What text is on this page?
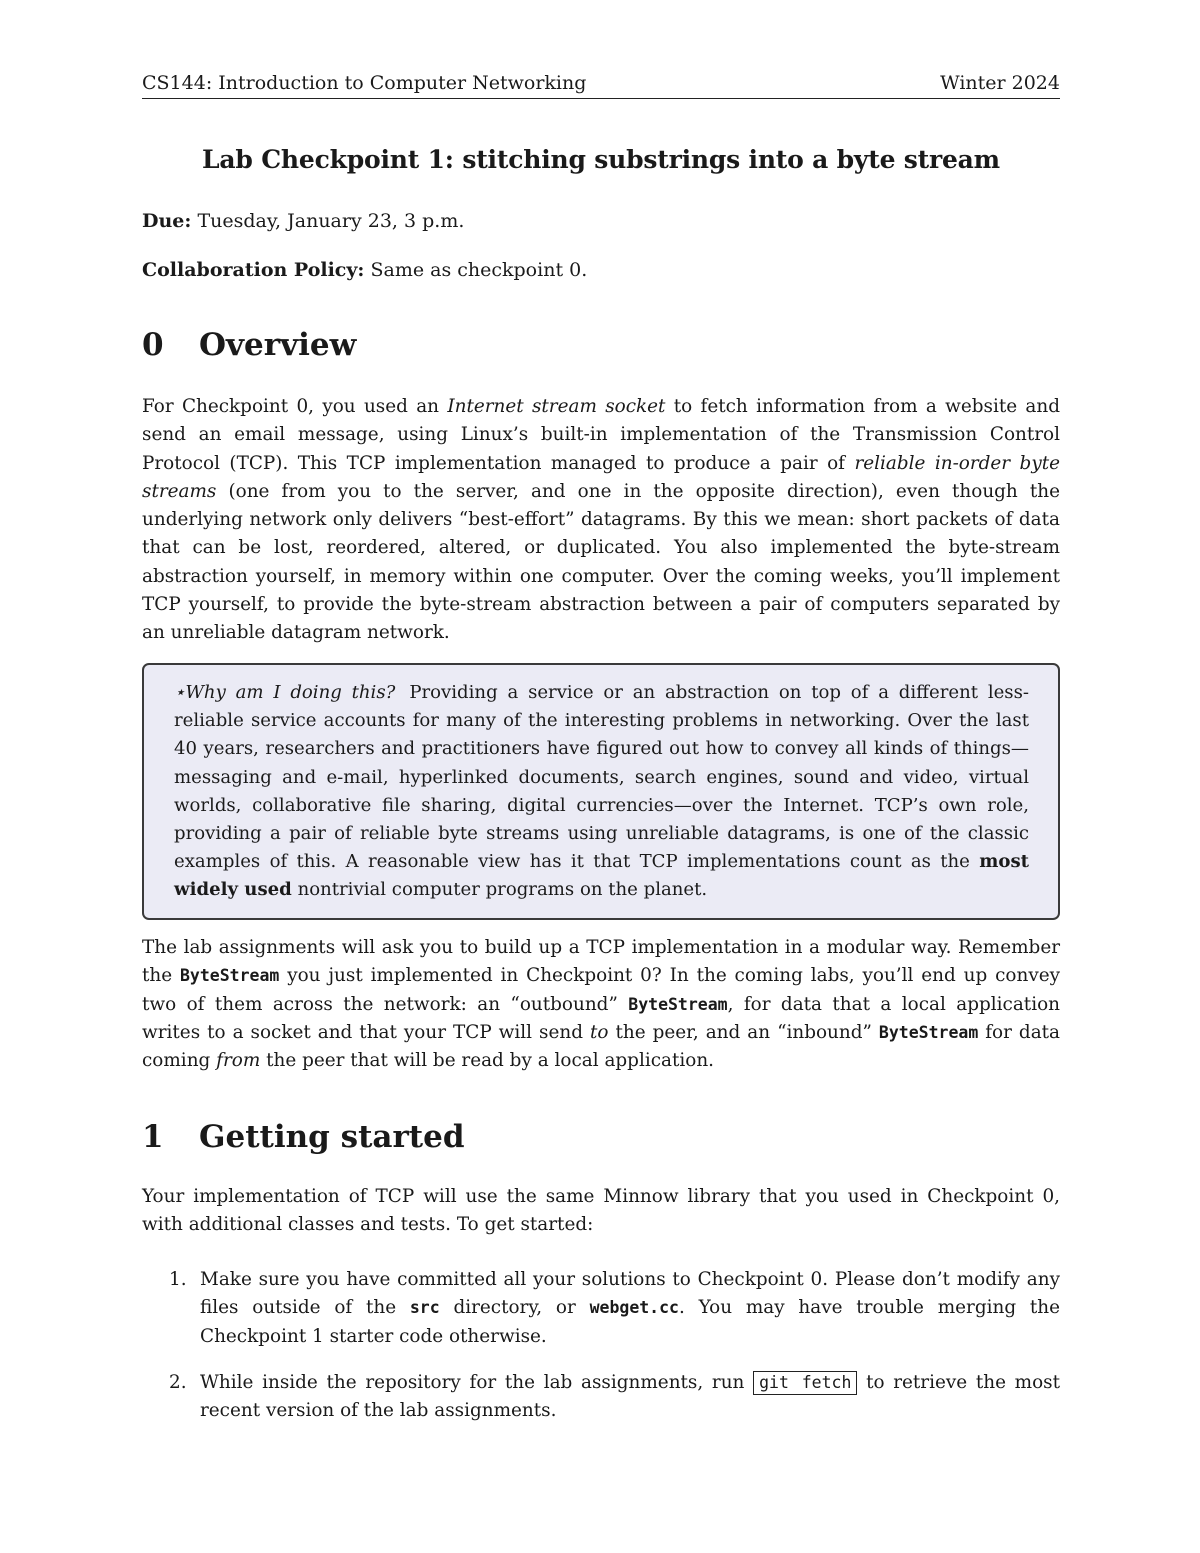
CS144: Introduction to Computer Networking	Winter 2024
Lab Checkpoint 1: stitching substrings into a byte stream
Due: Tuesday, January 23, 3 p.m.
Collaboration Policy: Same as checkpoint 0.
0 Overview

For Checkpoint 0, you used an Internet stream socket to fetch information from a website and send an email message, using Linux’s built-in implementation of the Transmission Control Protocol (TCP). This TCP implementation managed to produce a pair of reliable in-order byte streams (one from you to the server, and one in the opposite direction), even though the underlying network only delivers “best-effort” datagrams. By this we mean: short packets of data that can be lost, reordered, altered, or duplicated. You also implemented the byte-stream abstraction yourself, in memory within one computer. Over the coming weeks, you’ll implement TCP yourself, to provide the byte-stream abstraction between a pair of computers separated by an unreliable datagram network.

⋆Why am I doing this? Providing a service or an abstraction on top of a different less-reliable service accounts for many of the interesting problems in networking. Over the last 40 years, researchers and practitioners have figured out how to convey all kinds of things—messaging and e-mail, hyperlinked documents, search engines, sound and video, virtual worlds, collaborative file sharing, digital currencies—over the Internet. TCP’s own role, providing a pair of reliable byte streams using unreliable datagrams, is one of the classic examples of this. A reasonable view has it that TCP implementations count as the most widely used nontrivial computer programs on the planet.

The lab assignments will ask you to build up a TCP implementation in a modular way. Remember the ByteStream you just implemented in Checkpoint 0? In the coming labs, you’ll end up convey two of them across the network: an “outbound” ByteStream, for data that a local application writes to a socket and that your TCP will send to the peer, and an “inbound” ByteStream for data coming from the peer that will be read by a local application.

1 Getting started

Your implementation of TCP will use the same Minnow library that you used in Checkpoint 0, with additional classes and tests. To get started:

1. Make sure you have committed all your solutions to Checkpoint 0. Please don’t modify any files outside of the src directory, or webget.cc. You may have trouble merging the Checkpoint 1 starter code otherwise.

2. While inside the repository for the lab assignments, run git fetch to retrieve the most recent version of the lab assignments.
